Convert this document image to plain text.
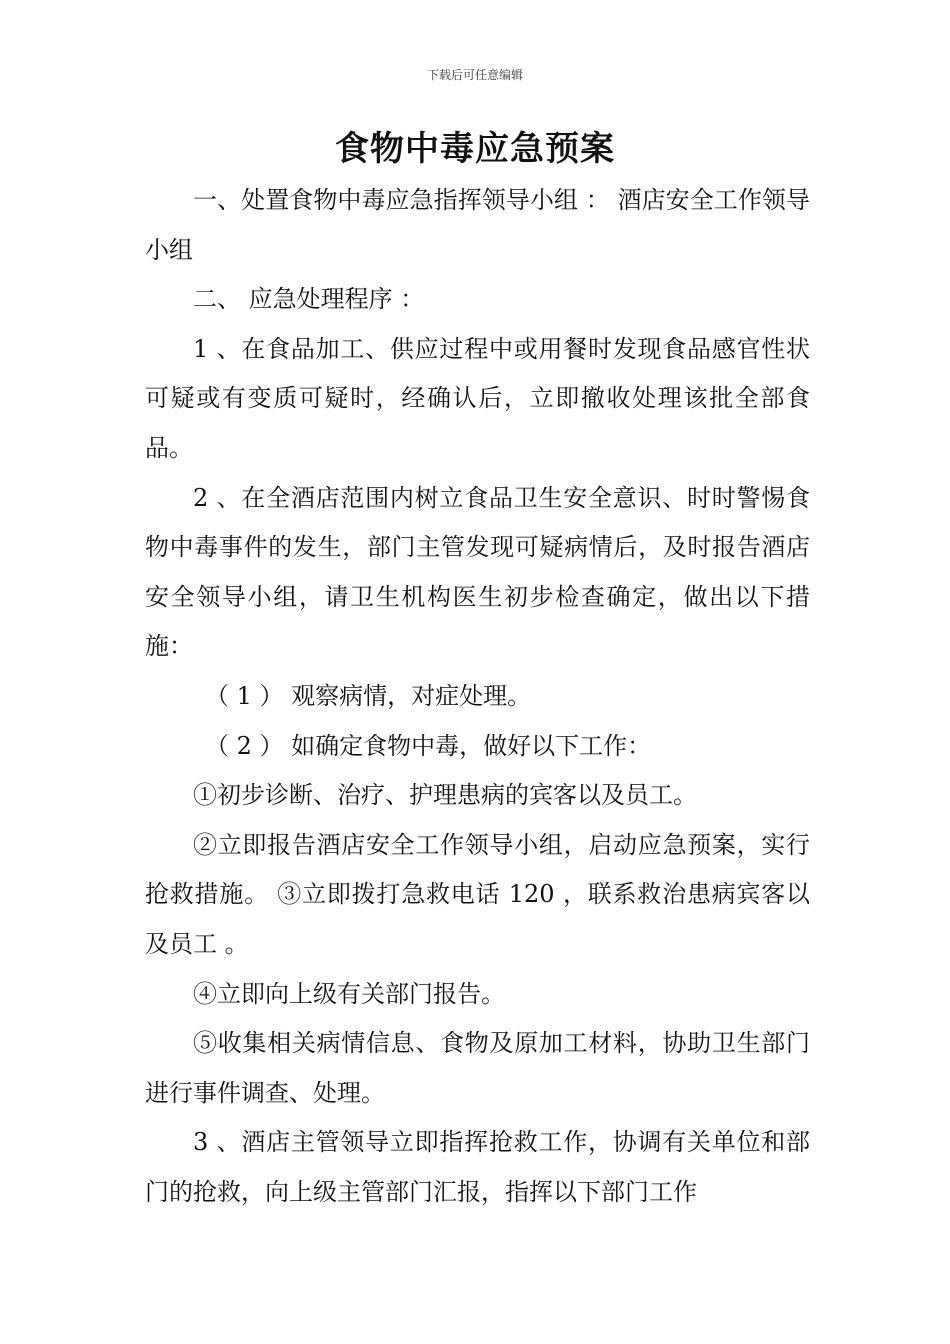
下载后可任意编辑
食物中毒应急预案

一、处置食物中毒应急指挥领导小组 ： 酒店安全工作领导小组

二、 应急处理程序 ：

1 、在食品加工、供应过程中或用餐时发现食品感官性状可疑或有变质可疑时，经确认后，立即撤收处理该批全部食品。

2 、在全酒店范围内树立食品卫生安全意识、时时警惕食物中毒事件的发生，部门主管发现可疑病情后，及时报告酒店安全领导小组，请卫生机构医生初步检查确定，做出以下措施：

（ 1 ） 观察病情，对症处理。

（ 2 ） 如确定食物中毒，做好以下工作：

①初步诊断、治疗、护理患病的宾客以及员工。

②立即报告酒店安全工作领导小组，启动应急预案，实行抢救措施。 ③立即拨打急救电话 120 ，联系救治患病宾客以及员工 。

④立即向上级有关部门报告。

⑤收集相关病情信息、食物及原加工材料，协助卫生部门进行事件调查、处理。

3 、酒店主管领导立即指挥抢救工作，协调有关单位和部门的抢救，向上级主管部门汇报，指挥以下部门工作
